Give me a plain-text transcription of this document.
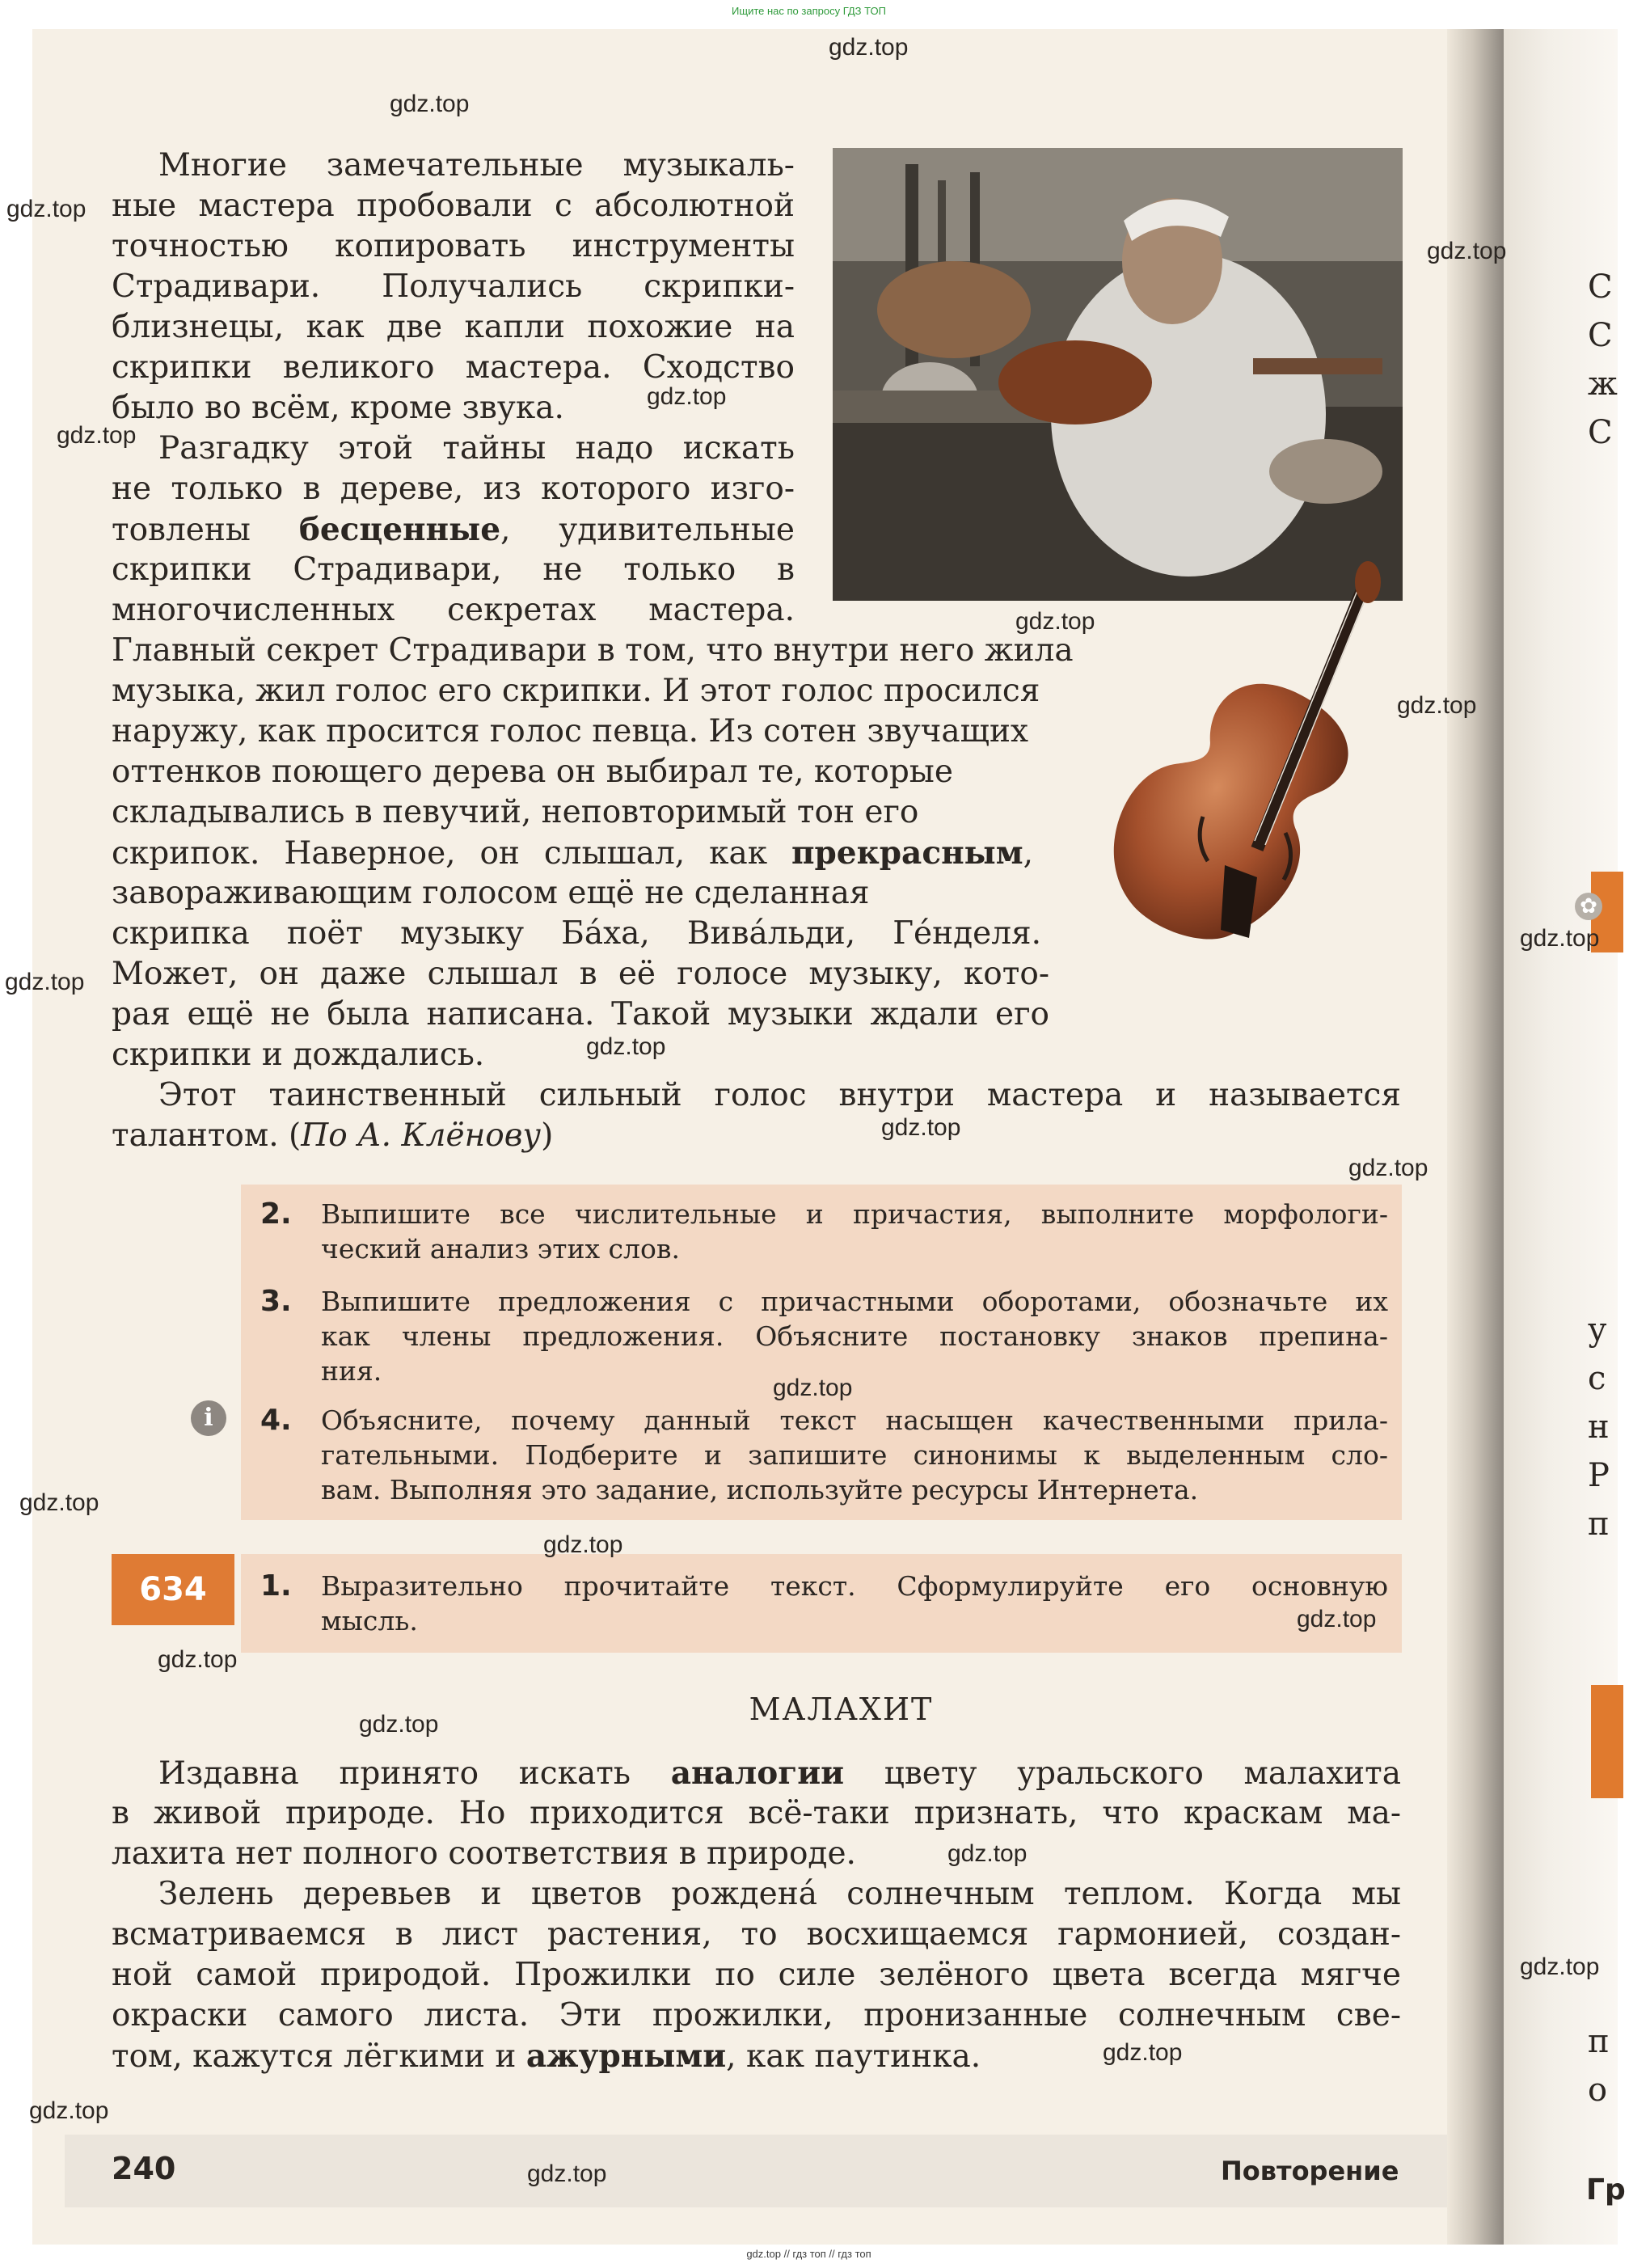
С
С
ж
С
✿
у
с
н
Р
п
п
о
Гр
Ищите нас по запросу ГДЗ ТОП
gdz.top // гдз топ // гдз топ
Многие замечательные музыкаль-
ные мастера пробовали с абсолютной
точностью копировать инструменты
Страдивари. Получались скрипки-
близнецы, как две капли похожие на
скрипки великого мастера. Сходство
было во всём, кроме звука.
Разгадку этой тайны надо искать
не только в дереве, из которого изго-
товлены бесценные, удивительные
скрипки Страдивари, не только в
многочисленных секретах мастера.
Главный секрет Страдивари в том, что внутри него жила
музыка, жил голос его скрипки. И этот голос просился
наружу, как просится голос певца. Из сотен звучащих
оттенков поющего дерева он выбирал те, которые
складывались в певучий, неповторимый тон его
скрипок. Наверное, он слышал, как прекрасным,
завораживающим голосом ещё не сделанная
скрипка поёт музыку Ба́ха, Вива́льди, Ге́нделя.
Может, он даже слышал в её голосе музыку, кото-
рая ещё не была написана. Такой музыки ждали его
скрипки и дождались.
Этот таинственный сильный голос внутри мастера и называется
талантом. (По А. Клёнову)
i
2. Выпишите все числительные и причастия, выполните морфологи-
ческий анализ этих слов.
3. Выпишите предложения с причастными оборотами, обозначьте их
как члены предложения. Объясните постановку знаков препина-
ния.
4. Объясните, почему данный текст насыщен качественными прила-
гательными. Подберите и запишите синонимы к выделенным сло-
вам. Выполняя это задание, используйте ресурсы Интернета.
634	1. Выразительно прочитайте текст. Сформулируйте его основную
мысль.
МАЛАХИТ
Издавна принято искать аналогии цвету уральского малахита
в живой природе. Но приходится всё-таки признать, что краскам ма-
лахита нет полного соответствия в природе.
Зелень деревьев и цветов рождена́ солнечным теплом. Когда мы
всматриваемся в лист растения, то восхищаемся гармонией, создан-
ной самой природой. Прожилки по силе зелёного цвета всегда мягче
окраски самого листа. Эти прожилки, пронизанные солнечным све-
том, кажутся лёгкими и ажурными, как паутинка.
240	Повторение
gdz.top
gdz.top
gdz.top
gdz.top
gdz.top
gdz.top
gdz.top
gdz.top
gdz.top
gdz.top
gdz.top
gdz.top
gdz.top
gdz.top
gdz.top
gdz.top
gdz.top
gdz.top
gdz.top
gdz.top
gdz.top
gdz.top
gdz.top
gdz.top
